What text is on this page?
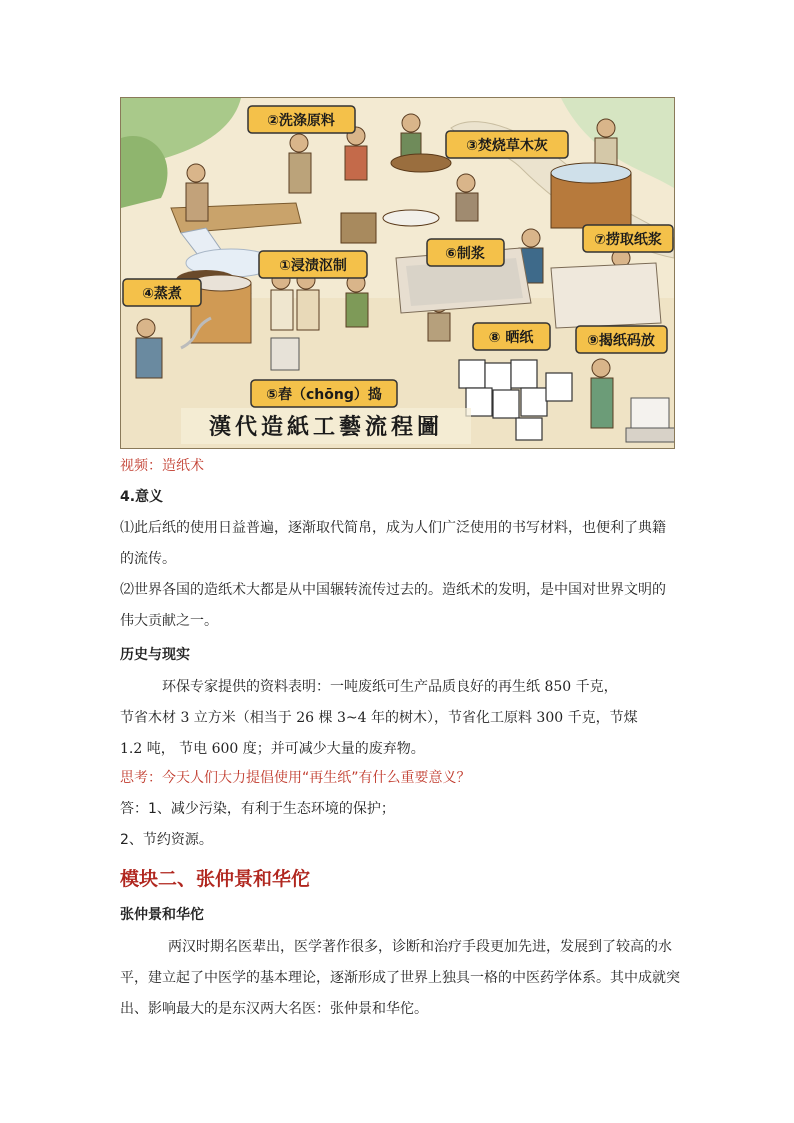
②洗涤原料
③焚烧草木灰
⑥制浆
⑦捞取纸浆
①浸渍沤制
④蒸煮
⑧ 晒纸	⑨揭纸码放
⑤舂（chōng）捣
漢代造紙工藝流程圖
视频：造纸术
4.意义
⑴此后纸的使用日益普遍，逐渐取代简帛，成为人们广泛使用的书写材料，也便利了典籍
的流传。
⑵世界各国的造纸术大都是从中国辗转流传过去的。造纸术的发明，是中国对世界文明的
伟大贡献之一。
历史与现实
环保专家提供的资料表明：一吨废纸可生产品质良好的再生纸 850 千克，
节省木材 3 立方米（相当于 26 棵 3~4 年的树木），节省化工原料 300 千克，节煤
1.2 吨， 节电 600 度；并可减少大量的废弃物。
思考：今天人们大力提倡使用“再生纸”有什么重要意义？
答：1、减少污染，有利于生态环境的保护；
2、节约资源。
模块二、张仲景和华佗
张仲景和华佗
两汉时期名医辈出，医学著作很多，诊断和治疗手段更加先进，发展到了较高的水
平，建立起了中医学的基本理论，逐渐形成了世界上独具一格的中医药学体系。其中成就突
出、影响最大的是东汉两大名医：张仲景和华佗。
